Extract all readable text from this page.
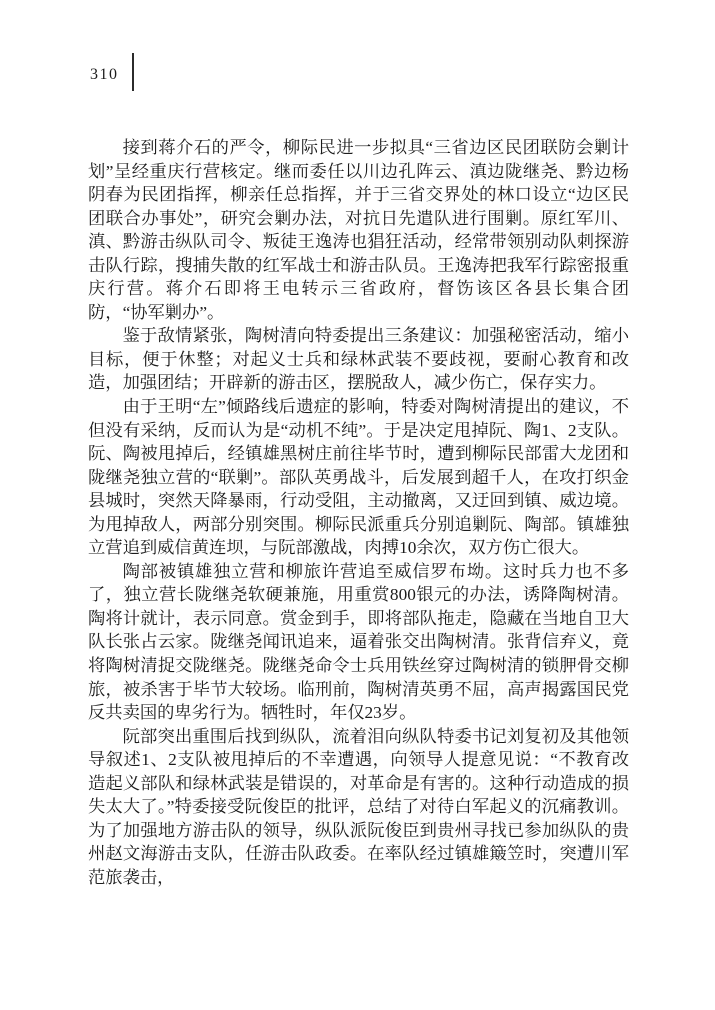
310

接到蒋介石的严令，柳际民进一步拟具“三省边区民团联防会剿计划”呈经重庆行营核定。继而委任以川边孔阵云、滇边陇继尧、黔边杨阴春为民团指挥，柳亲任总指挥，并于三省交界处的林口设立“边区民团联合办事处”，研究会剿办法，对抗日先遣队进行围剿。原红军川、滇、黔游击纵队司令、叛徒王逸涛也猖狂活动，经常带领别动队刺探游击队行踪，搜捕失散的红军战士和游击队员。王逸涛把我军行踪密报重庆行营。蒋介石即将王电转示三省政府，督饬该区各县长集合团防，“协军剿办”。

鉴于敌情紧张，陶树清向特委提出三条建议：加强秘密活动，缩小目标，便于休整；对起义士兵和绿林武装不要歧视，要耐心教育和改造，加强团结；开辟新的游击区，摆脱敌人，减少伤亡，保存实力。

由于王明“左”倾路线后遗症的影响，特委对陶树清提出的建议，不但没有采纳，反而认为是“动机不纯”。于是决定甩掉阮、陶1、2支队。阮、陶被甩掉后，经镇雄黑树庄前往毕节时，遭到柳际民部雷大龙团和陇继尧独立营的“联剿”。部队英勇战斗，后发展到超千人，在攻打织金县城时，突然天降暴雨，行动受阻，主动撤离，又迂回到镇、威边境。为甩掉敌人，两部分别突围。柳际民派重兵分别追剿阮、陶部。镇雄独立营追到威信黄连坝，与阮部激战，肉搏10余次，双方伤亡很大。

陶部被镇雄独立营和柳旅许营追至威信罗布坳。这时兵力也不多了，独立营长陇继尧软硬兼施，用重赏800银元的办法，诱降陶树清。陶将计就计，表示同意。赏金到手，即将部队拖走，隐藏在当地自卫大队长张占云家。陇继尧闻讯追来，逼着张交出陶树清。张背信弃义，竟将陶树清捉交陇继尧。陇继尧命令士兵用铁丝穿过陶树清的锁胛骨交柳旅，被杀害于毕节大较场。临刑前，陶树清英勇不屈，高声揭露国民党反共卖国的卑劣行为。牺牲时，年仅23岁。

阮部突出重围后找到纵队，流着泪向纵队特委书记刘复初及其他领导叙述1、2支队被甩掉后的不幸遭遇，向领导人提意见说：“不教育改造起义部队和绿林武装是错误的，对革命是有害的。这种行动造成的损失太大了。”特委接受阮俊臣的批评，总结了对待白军起义的沉痛教训。为了加强地方游击队的领导，纵队派阮俊臣到贵州寻找已参加纵队的贵州赵文海游击支队，任游击队政委。在率队经过镇雄簸笠时，突遭川军范旅袭击，
